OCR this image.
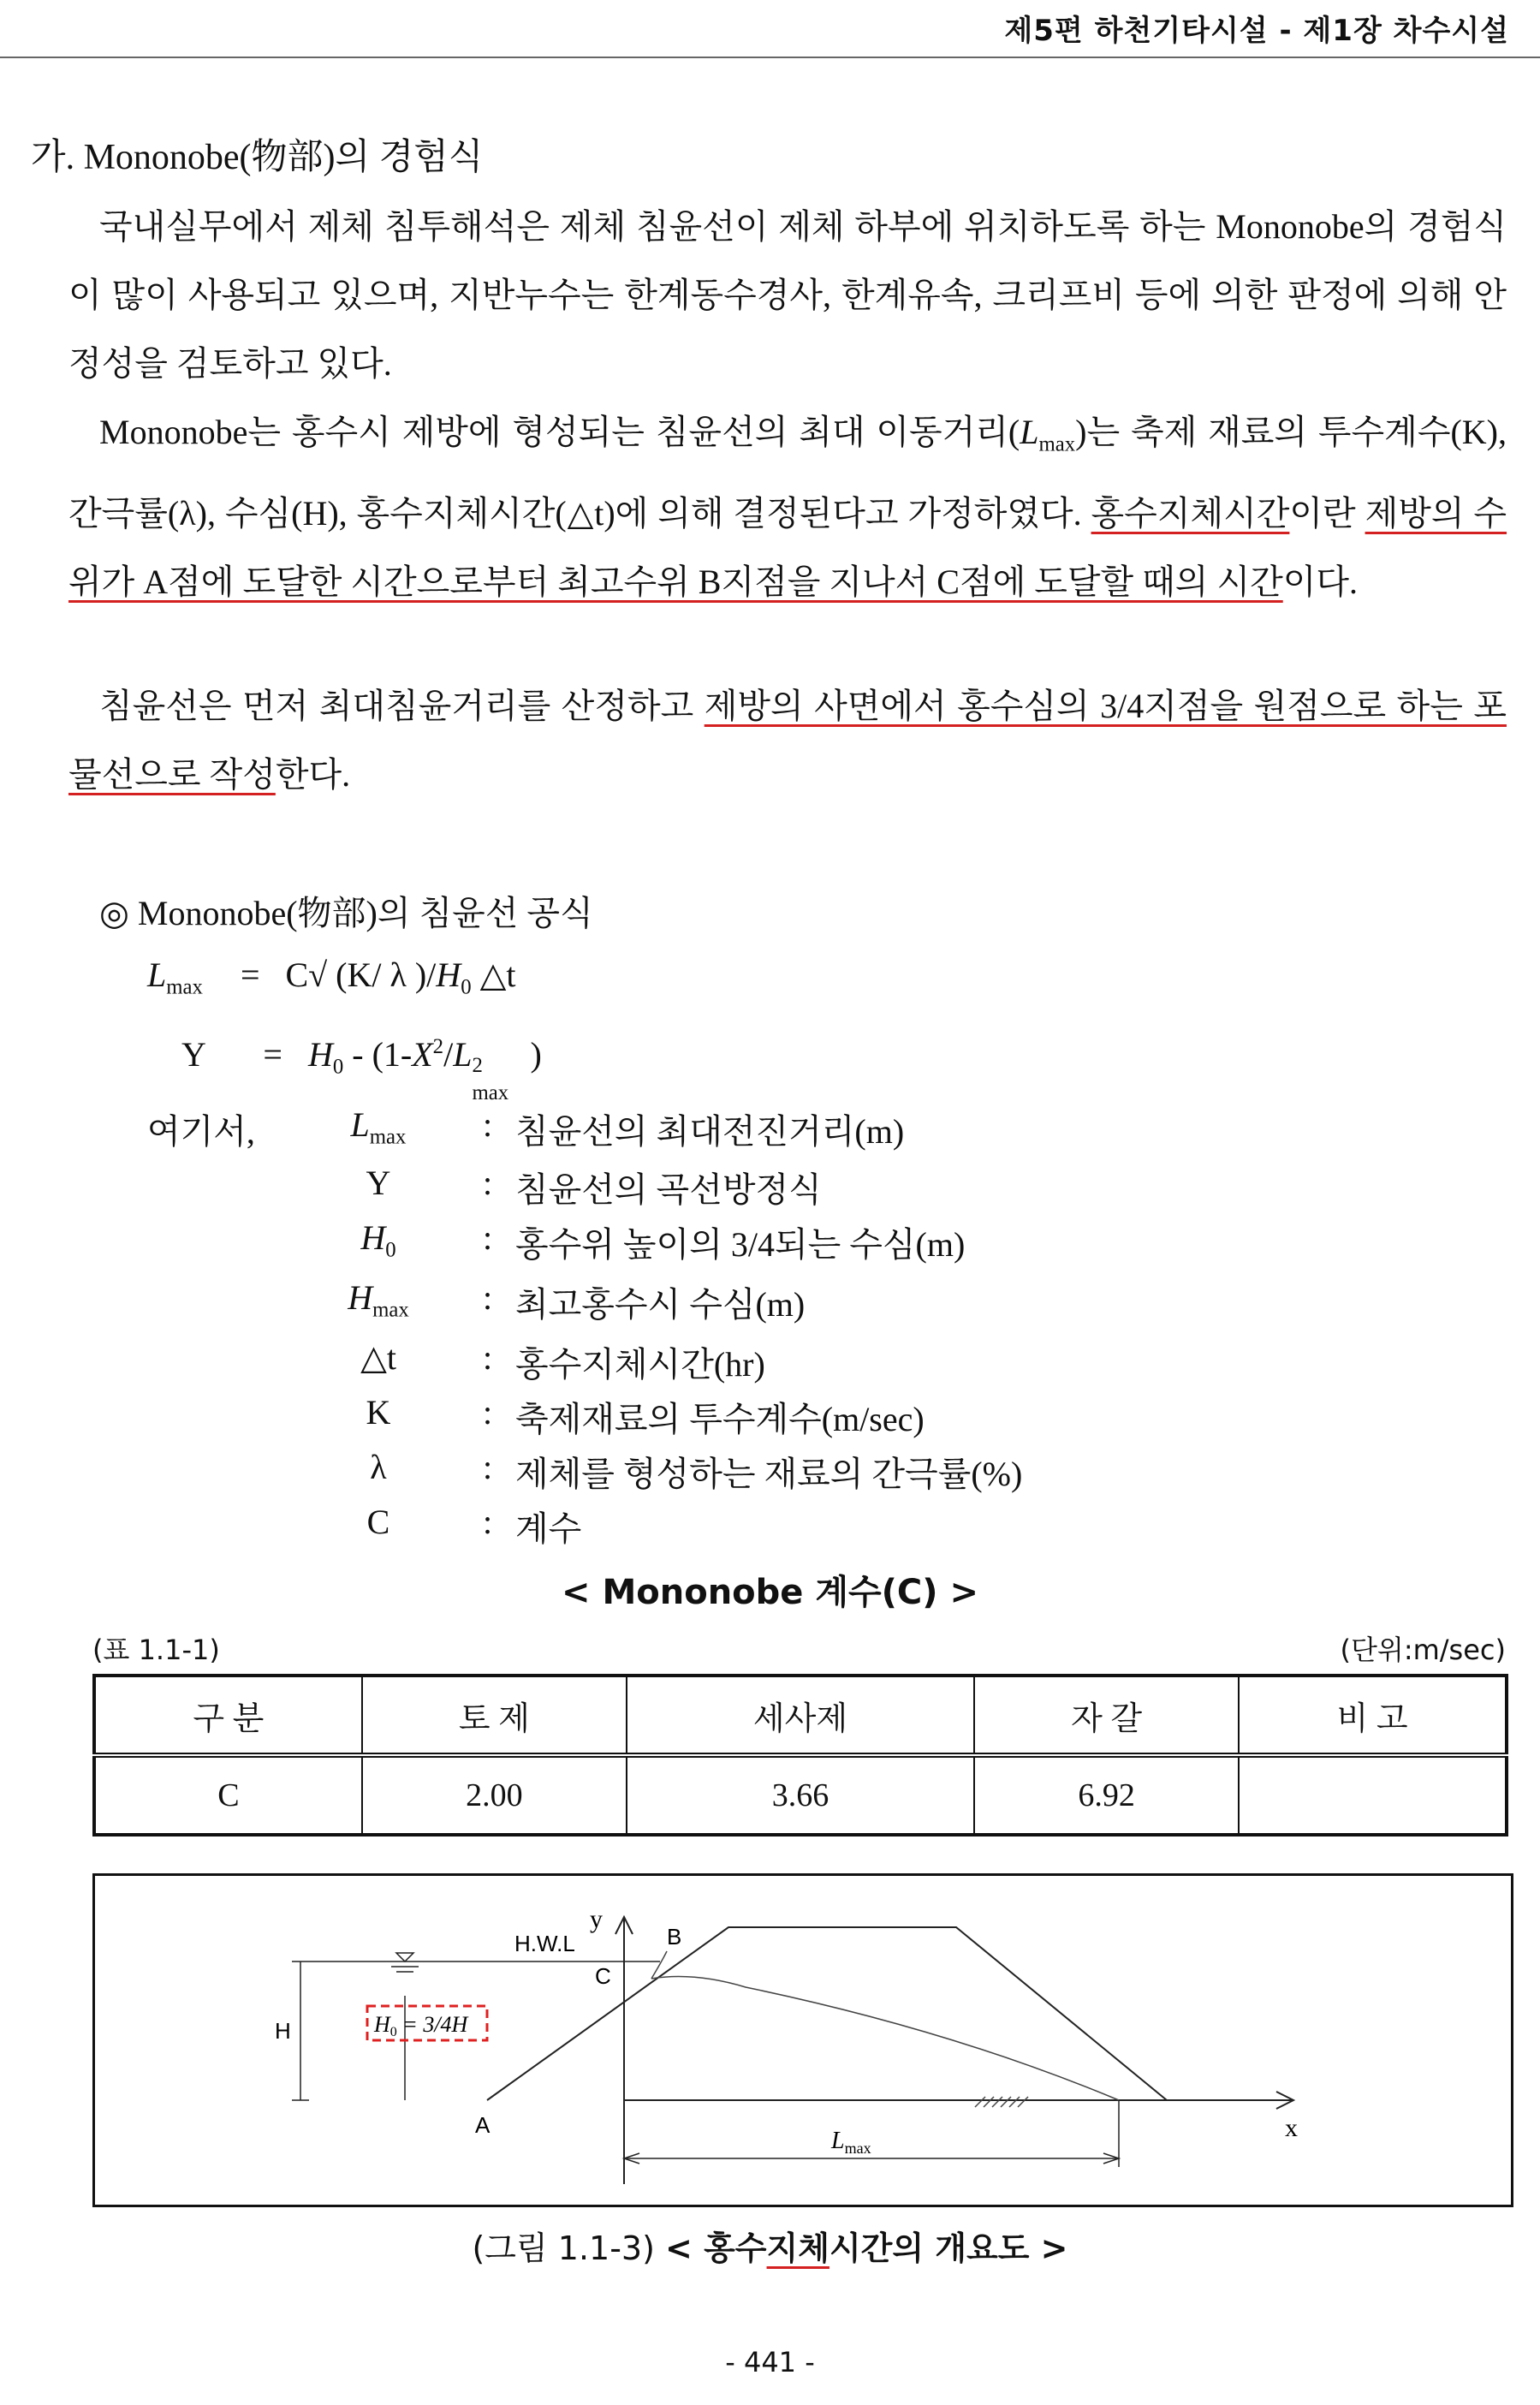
제5편 하천기타시설 - 제1장 차수시설
가. Mononobe(物部)의 경험식

국내실무에서 제체 침투해석은 제체 침윤선이 제체 하부에 위치하도록 하는 Mononobe의 경험식이 많이 사용되고 있으며, 지반누수는 한계동수경사, 한계유속, 크리프비 등에 의한 판정에 의해 안정성을 검토하고 있다.

Mononobe는 홍수시 제방에 형성되는 침윤선의 최대 이동거리$(L_{max})$는 축제 재료의 투수계수(K), 간극률(λ), 수심(H), 홍수지체시간(△t)에 의해 결정된다고 가정하였다. 홍수지체시간이란 제방의 수위가 A점에 도달한 시간으로부터 최고수위 B지점을 지나서 C점에 도달할 때의 시간이다.

침윤선은 먼저 최대침윤거리를 산정하고 제방의 사면에서 홍수심의 3/4지점을 원점으로 하는 포물선으로 작성한다.

◎ Mononobe(物部)의 침윤선 공식
$L_{max} = C√$ (K/ λ )$/H_0$ △t
$Y = H_0 - (1-X^2/L$ 2
max
)
여기서,	$L_{max}$	: 침윤선의 최대전진거리(m)
Y	: 침윤선의 곡선방정식
$H_0$	: 홍수위 높이의 3/4되는 수심(m)
$H_{max}$	: 최고홍수시 수심(m)
△t	: 홍수지체시간(hr)
K	: 축제재료의 투수계수(m/sec)
λ	: 제체를 형성하는 재료의 간극률(%)
C	: 계수
< Mononobe 계수(C) >
(표 1.1-1)	(단위:m/sec)
구 분	토 제	세사제	자 갈	비 고
C	2.00	3.66	6.92	
y
x
H.W.L
H	H0 = 3/4H
B
C
A
$L_{max}$
(그림 1.1-3) < 홍수지체시간의 개요도 >
- 441 -
